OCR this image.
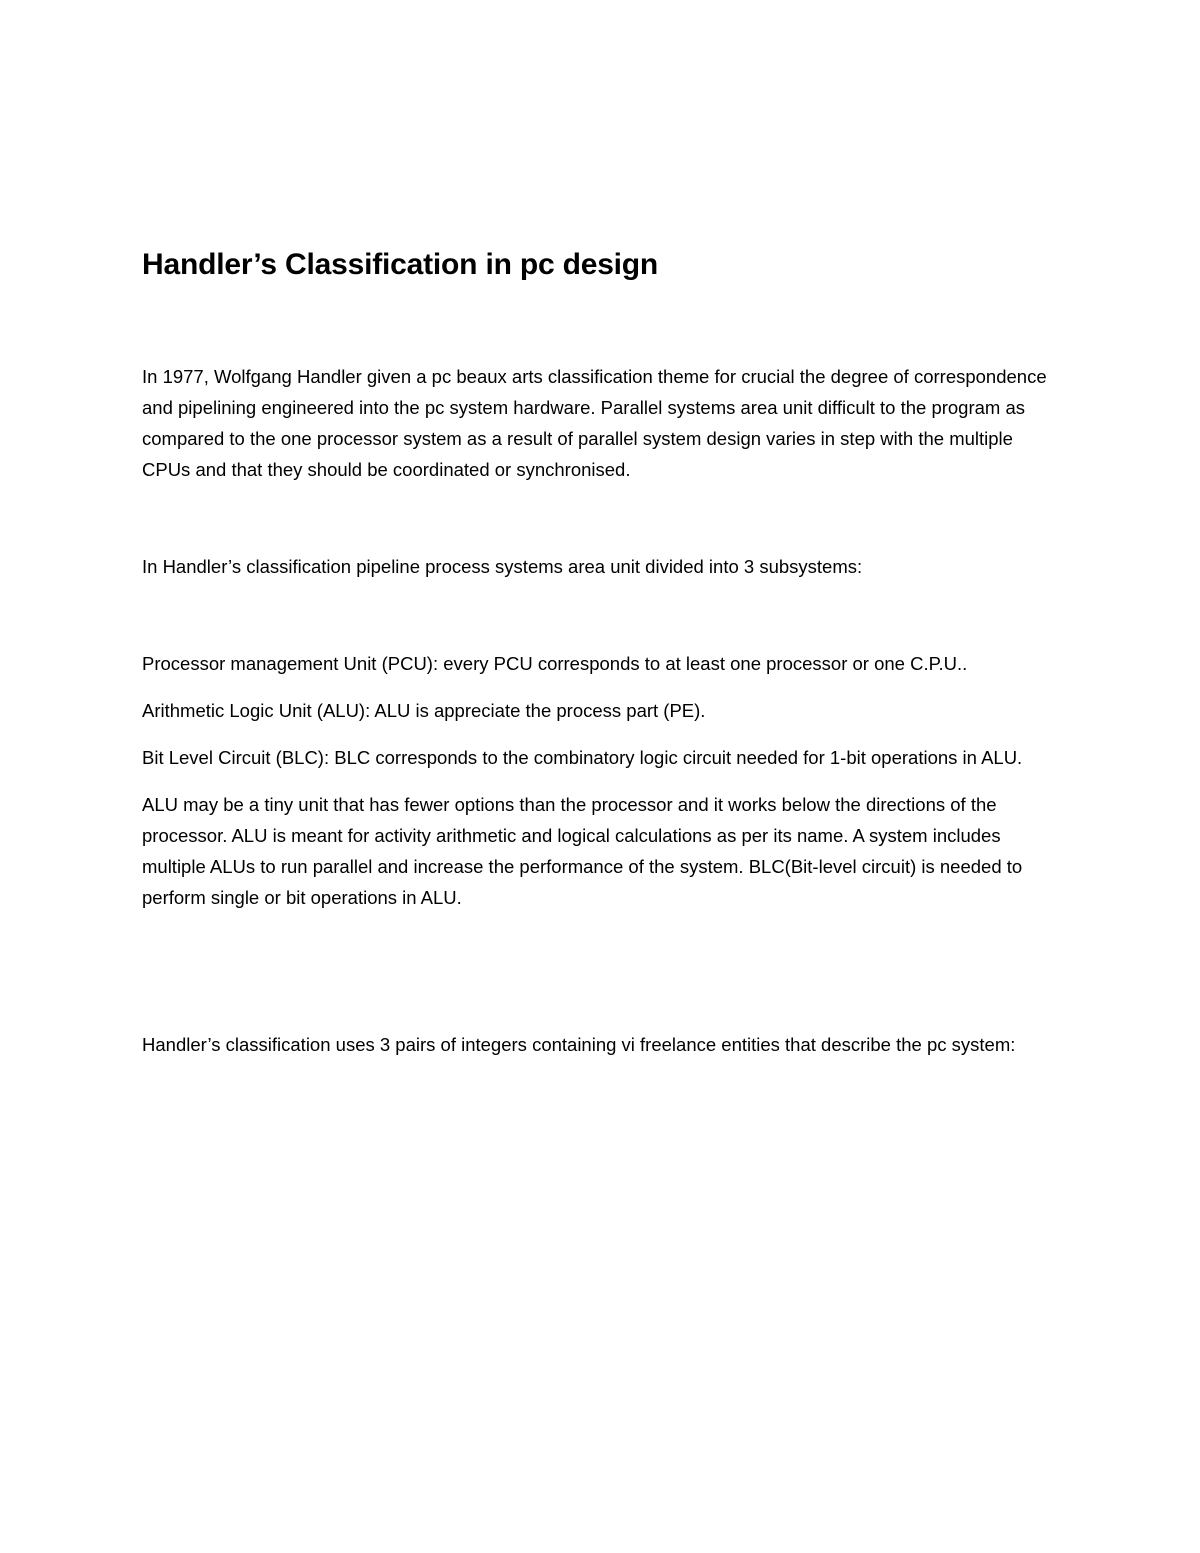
Handler’s Classification in pc design

In 1977, Wolfgang Handler given a pc beaux arts classification theme for crucial the degree of correspondence and pipelining engineered into the pc system hardware. Parallel systems area unit difficult to the program as compared to the one processor system as a result of parallel system design varies in step with the multiple CPUs and that they should be coordinated or synchronised.

In Handler’s classification pipeline process systems area unit divided into 3 subsystems:

Processor management Unit (PCU): every PCU corresponds to at least one processor or one C.P.U..

Arithmetic Logic Unit (ALU): ALU is appreciate the process part (PE).

Bit Level Circuit (BLC): BLC corresponds to the combinatory logic circuit needed for 1-bit operations in ALU.

ALU may be a tiny unit that has fewer options than the processor and it works below the directions of the processor. ALU is meant for activity arithmetic and logical calculations as per its name. A system includes multiple ALUs to run parallel and increase the performance of the system. BLC(Bit-level circuit) is needed to perform single or bit operations in ALU.

Handler’s classification uses 3 pairs of integers containing vi freelance entities that describe the pc system:
